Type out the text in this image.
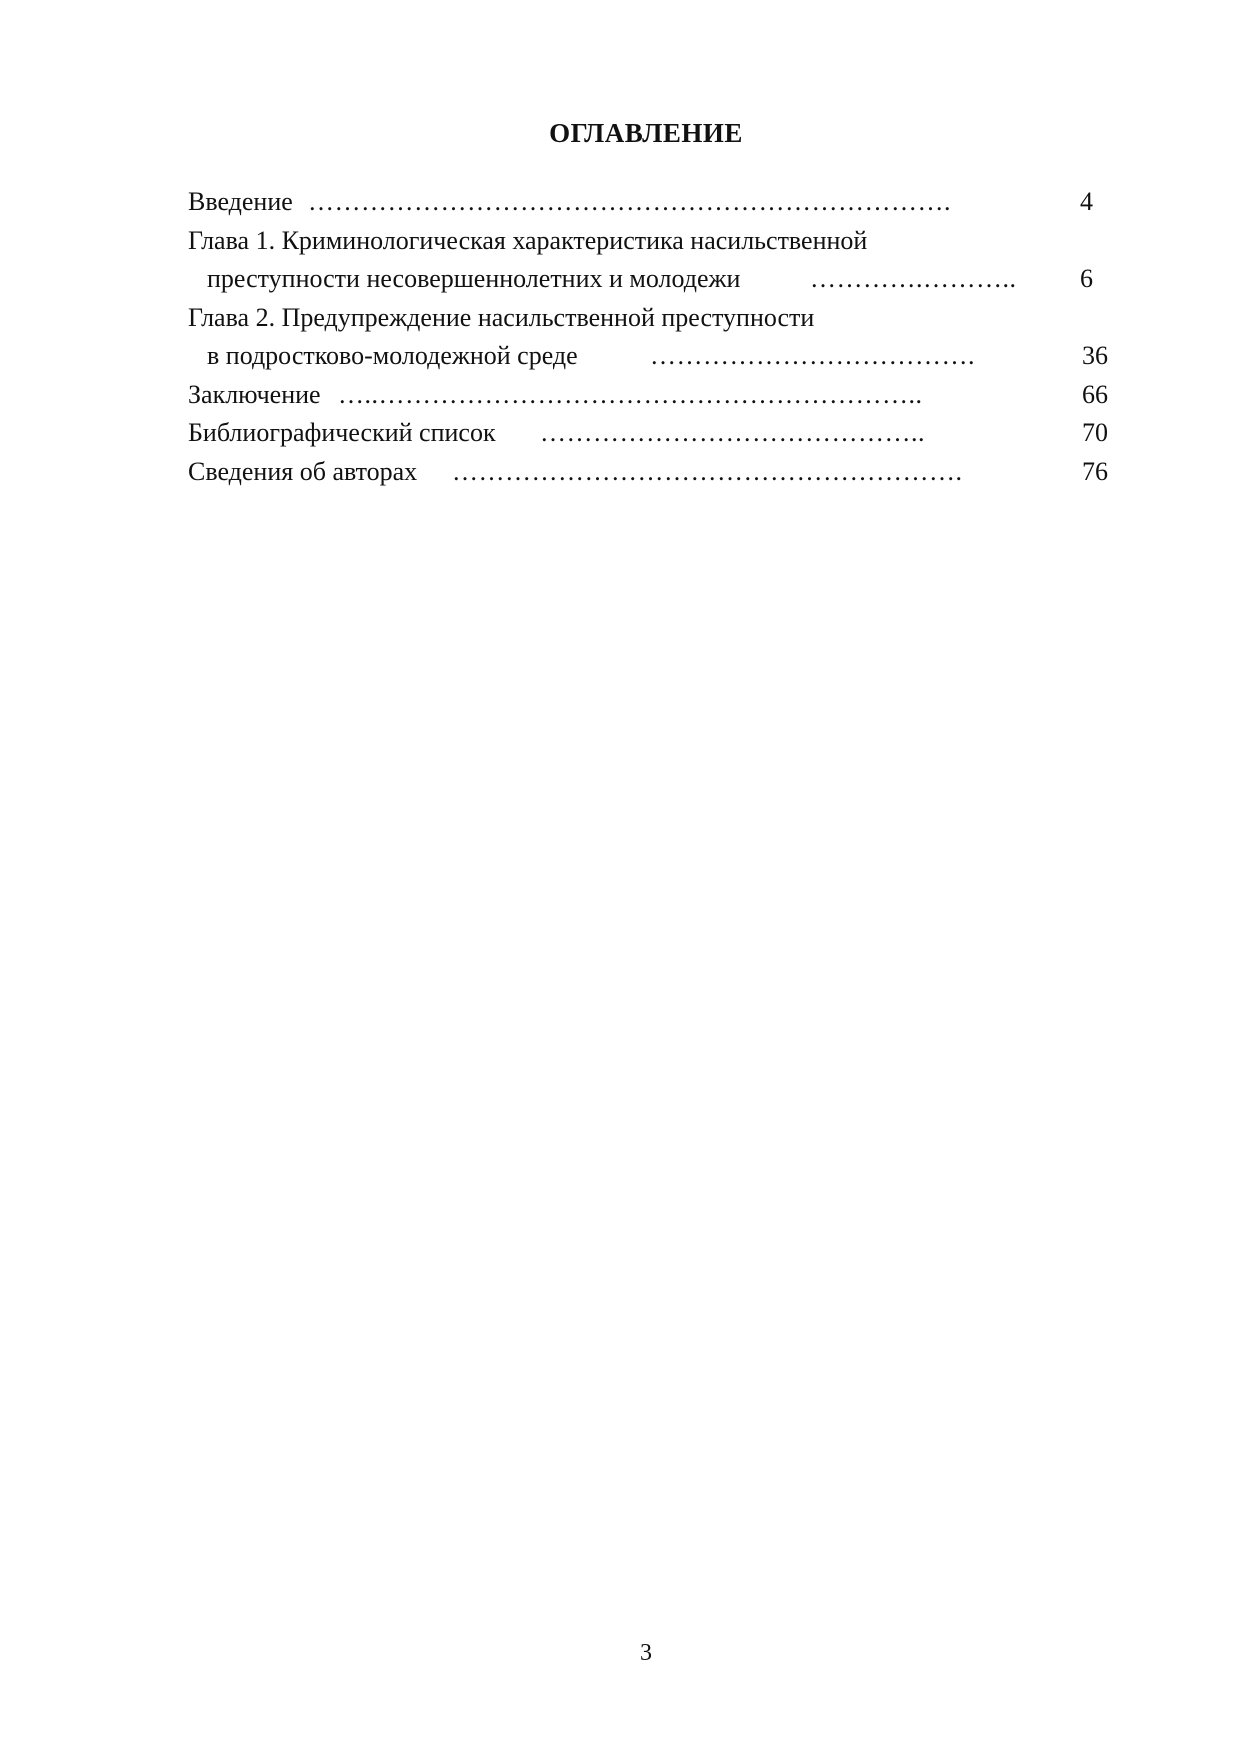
ОГЛАВЛЕНИЕ
Введение ……………………………………………………………….	4
Глава 1. Криминологическая характеристика насильственной
преступности несовершеннолетних и молодежи	………….………..	6
Глава 2. Предупреждение насильственной преступности
в подростково-молодежной среде	……………………………….	36
Заключение …..……………………………………………………..	66
Библиографический список ……………………………………..	70
Сведения об авторах ………………………………………………….	76
3
